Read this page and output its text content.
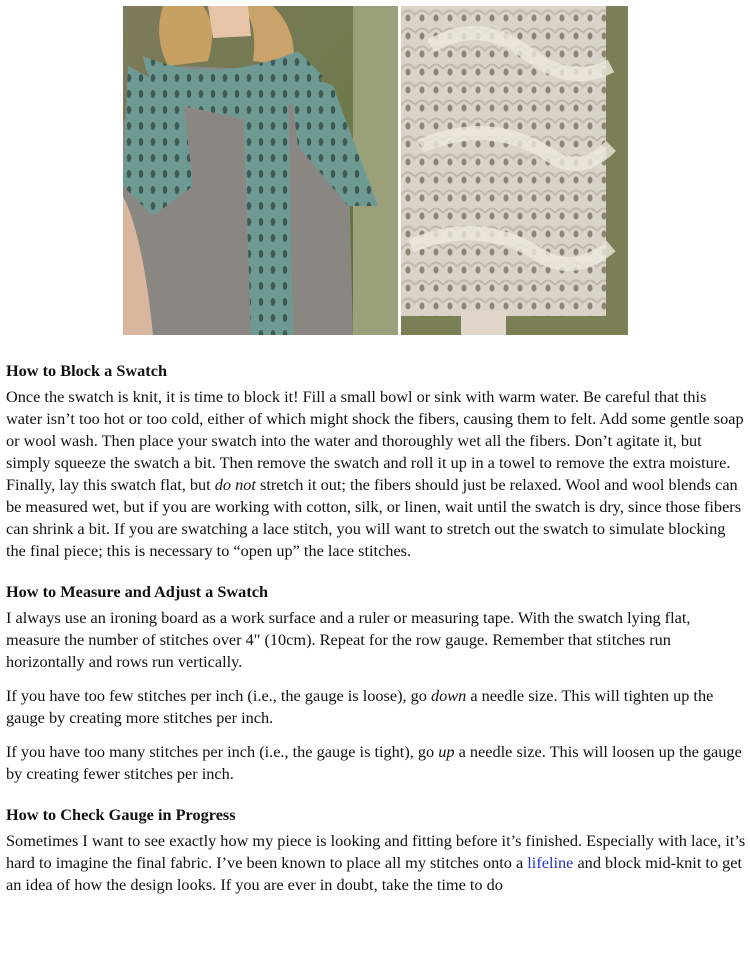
How to Block a Swatch

Once the swatch is knit, it is time to block it! Fill a small bowl or sink with warm water. Be careful that this water isn’t too hot or too cold, either of which might shock the fibers, causing them to felt. Add some gentle soap or wool wash. Then place your swatch into the water and thoroughly wet all the fibers. Don’t agitate it, but simply squeeze the swatch a bit. Then remove the swatch and roll it up in a towel to remove the extra moisture. Finally, lay this swatch flat, but do not stretch it out; the fibers should just be relaxed. Wool and wool blends can be measured wet, but if you are working with cotton, silk, or linen, wait until the swatch is dry, since those fibers can shrink a bit. If you are swatching a lace stitch, you will want to stretch out the swatch to simulate blocking the final piece; this is necessary to “open up” the lace stitches.

How to Measure and Adjust a Swatch

I always use an ironing board as a work surface and a ruler or measuring tape. With the swatch lying flat, measure the number of stitches over 4" (10cm). Repeat for the row gauge. Remember that stitches run horizontally and rows run vertically.

If you have too few stitches per inch (i.e., the gauge is loose), go down a needle size. This will tighten up the gauge by creating more stitches per inch.

If you have too many stitches per inch (i.e., the gauge is tight), go up a needle size. This will loosen up the gauge by creating fewer stitches per inch.

How to Check Gauge in Progress

Sometimes I want to see exactly how my piece is looking and fitting before it’s finished. Especially with lace, it’s hard to imagine the final fabric. I’ve been known to place all my stitches onto a lifeline and block mid-knit to get an idea of how the design looks. If you are ever in doubt, take the time to do
